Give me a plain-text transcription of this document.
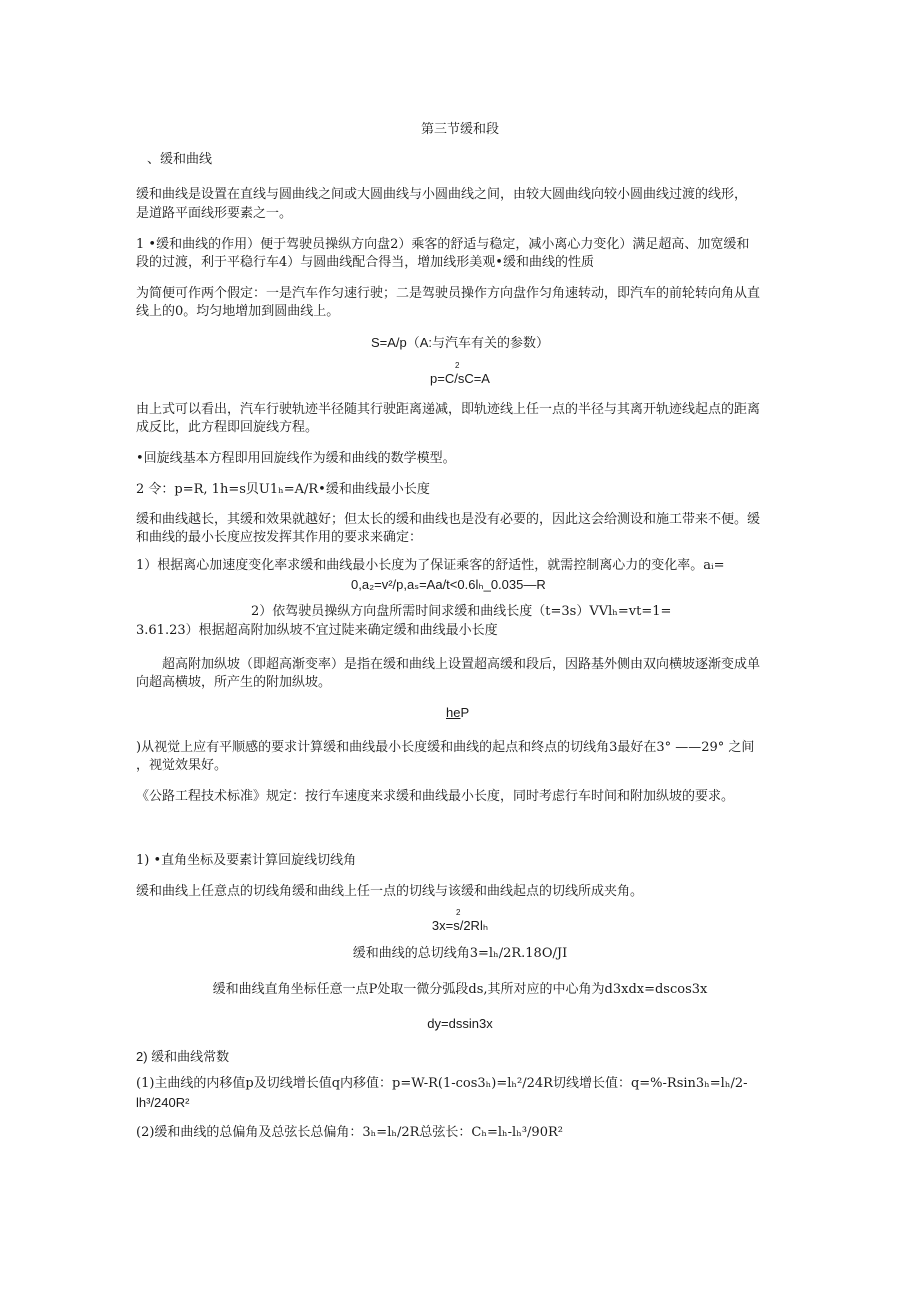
第三节缓和段
、缓和曲线
缓和曲线是设置在直线与圆曲线之间或大圆曲线与小圆曲线之间，由较大圆曲线向较小圆曲线过渡的线形，
是道路平面线形要素之一。
1 •缓和曲线的作用）便于驾驶员操纵方向盘2）乘客的舒适与稳定，减小离心力变化）满足超高、加宽缓和
段的过渡，利于平稳行车4）与圆曲线配合得当，增加线形美观•缓和曲线的性质
为简便可作两个假定：一是汽车作匀速行驶；二是驾驶员操作方向盘作匀角速转动，即汽车的前轮转向角从直
线上的0。均匀地增加到圆曲线上。
S=A/p（A:与汽车有关的参数）
2
p=C/sC=A
由上式可以看出，汽车行驶轨迹半径随其行驶距离递减，即轨迹线上任一点的半径与其离开轨迹线起点的距离
成反比，此方程即回旋线方程。
•回旋线基本方程即用回旋线作为缓和曲线的数学模型。
2 令：p=R, 1h=s贝U1ₕ=A/R•缓和曲线最小长度
缓和曲线越长，其缓和效果就越好；但太长的缓和曲线也是没有必要的，因此这会给测设和施工带来不便。缓
和曲线的最小长度应按发挥其作用的要求来确定：
1）根据离心加速度变化率求缓和曲线最小长度为了保证乘客的舒适性，就需控制离心力的变化率。aᵢ=
0,a₂=v²/p,aₛ=Aa/t<0.6lₕ_0.035—R
2）依驾驶员操纵方向盘所需时间求缓和曲线长度（t=3s）VVlₕ=vt=1=
3.61.23）根据超高附加纵坡不宜过陡来确定缓和曲线最小长度
超高附加纵坡（即超高渐变率）是指在缓和曲线上设置超高缓和段后，因路基外侧由双向横坡逐渐变成单
向超高横坡，所产生的附加纵坡。
heP
)从视觉上应有平顺感的要求计算缓和曲线最小长度缓和曲线的起点和终点的切线角3最好在3° ——29° 之间
，视觉效果好。
《公路工程技术标准》规定：按行车速度来求缓和曲线最小长度，同时考虑行车时间和附加纵坡的要求。
1) •直角坐标及要素计算回旋线切线角
缓和曲线上任意点的切线角缓和曲线上任一点的切线与该缓和曲线起点的切线所成夹角。
2
3x=s/2Rlₕ
缓和曲线的总切线角3=lₕ/2R.18O/JI
缓和曲线直角坐标任意一点P处取一微分弧段ds,其所对应的中心角为d3xdx=dscos3x
dy=dssin3x
2) 缓和曲线常数
(1)主曲线的内移值p及切线增长值q内移值：p=W-R(1-cos3ₕ)=lₕ²/24R切线增长值：q=%-Rsin3ₕ=lₕ/2-
lh³/240R²
(2)缓和曲线的总偏角及总弦长总偏角：3ₕ=lₕ/2R总弦长：Cₕ=lₕ-lₕ³/90R²
